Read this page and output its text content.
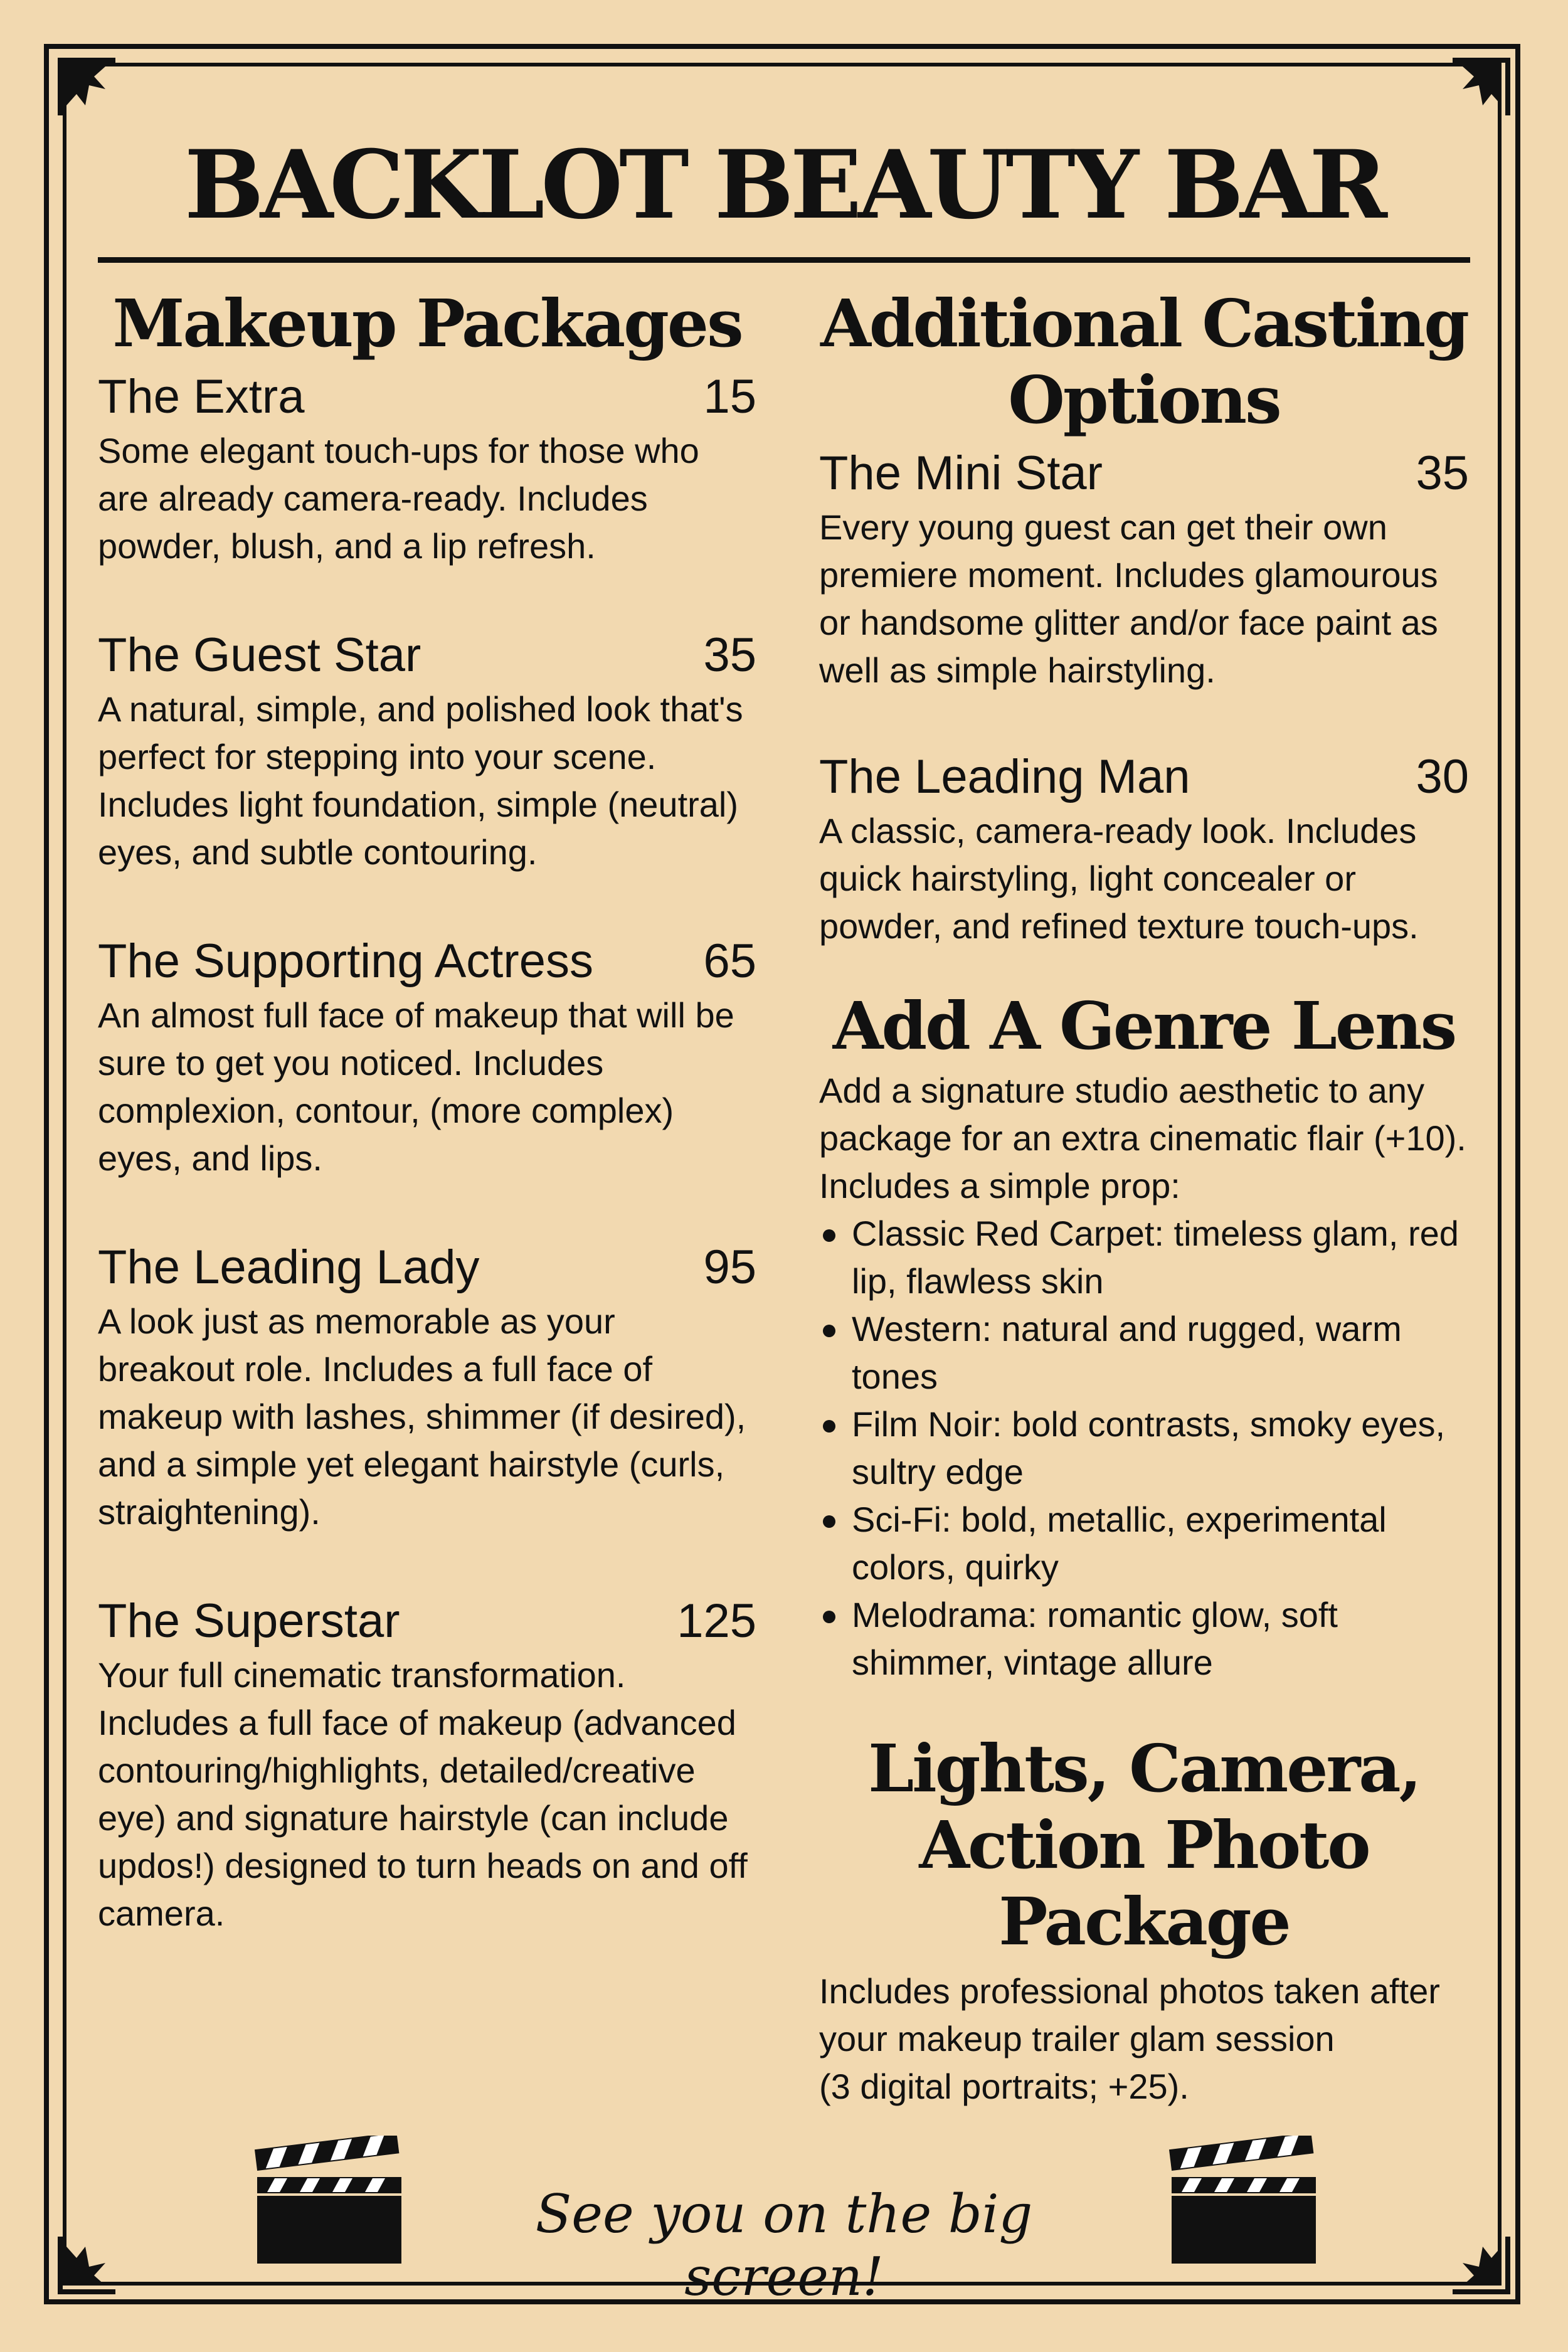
BACKLOT BEAUTY BAR
Makeup Packages
The Extra	15

Some elegant touch-ups for those who are already camera-ready. Includes powder, blush, and a lip refresh.

The Guest Star	35

A natural, simple, and polished look that's perfect for stepping into your scene. Includes light foundation, simple (neutral) eyes, and subtle contouring.

The Supporting Actress 65

An almost full face of makeup that will be sure to get you noticed. Includes complexion, contour, (more complex) eyes, and lips.

The Leading Lady	95

A look just as memorable as your breakout role. Includes a full face of makeup with lashes, shimmer (if desired), and a simple yet elegant hairstyle (curls, straightening).

The Superstar	125

Your full cinematic transformation. Includes a full face of makeup (advanced contouring/highlights, detailed/creative eye) and signature hairstyle (can include updos!) designed to turn heads on and off camera.

Additional Casting Options
The Mini Star	35

Every young guest can get their own premiere moment. Includes glamourous or handsome glitter and/or face paint as well as simple hairstyling.

The Leading Man	30

A classic, camera-ready look. Includes quick hairstyling, light concealer or powder, and refined texture touch-ups.

Add A Genre Lens

Add a signature studio aesthetic to any package for an extra cinematic flair (+10). Includes a simple prop:

Classic Red Carpet: timeless glam, red lip, flawless skin
Western: natural and rugged, warm tones
Film Noir: bold contrasts, smoky eyes, sultry edge
Sci-Fi: bold, metallic, experimental colors, quirky
Melodrama: romantic glow, soft shimmer, vintage allure
Lights, Camera, Action Photo Package

Includes professional photos taken after your makeup trailer glam session
(3 digital portraits; +25).

See you on the big screen!
